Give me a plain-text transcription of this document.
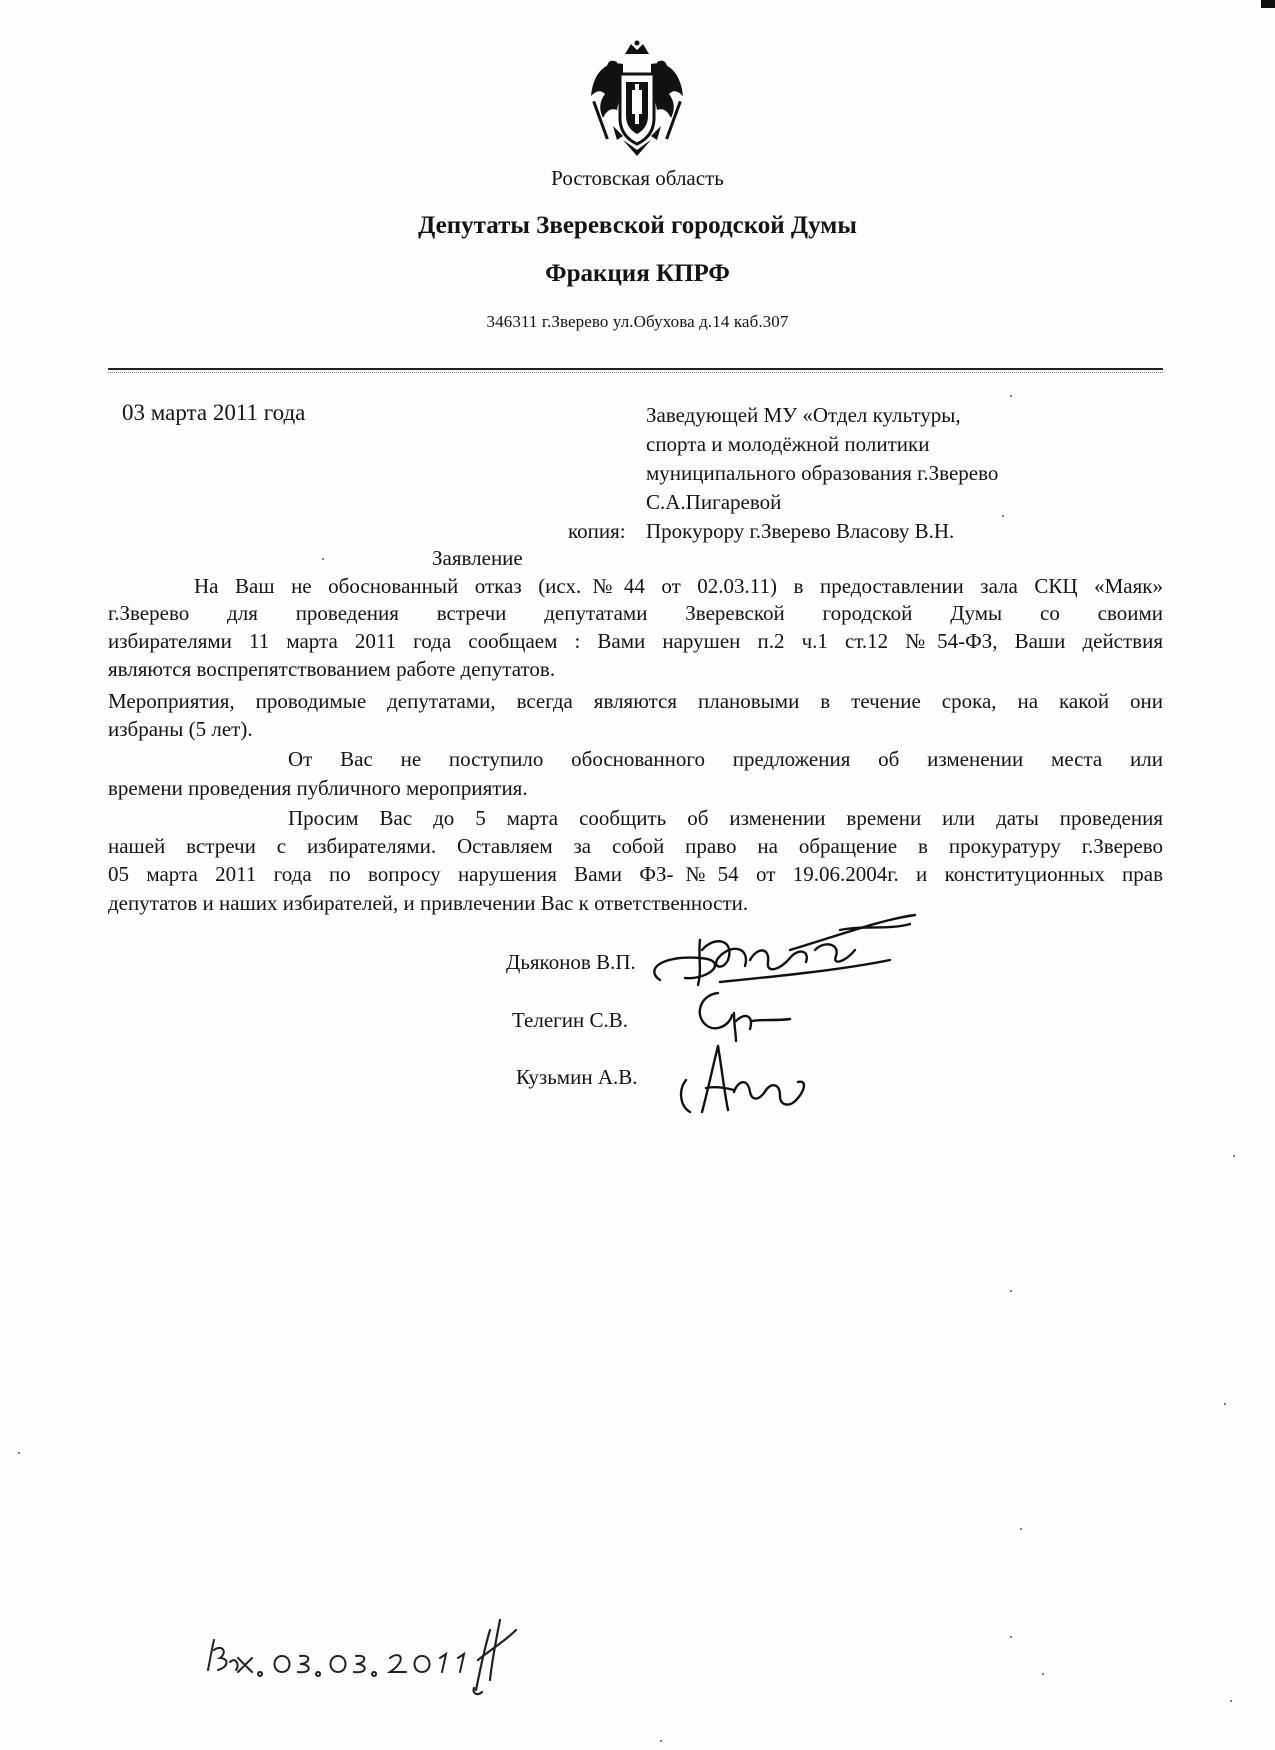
Ростовская область
Депутаты Зверевской городской Думы
Фракция КПРФ
346311 г.Зверево ул.Обухова д.14 каб.307
03 марта 2011 года	Заведующей МУ «Отдел культуры,
спорта и молодёжной политики
муниципального образования г.Зверево
С.А.Пигаревой
копия: Прокурору г.Зверево Власову В.Н.
Заявление
На Ваш не обоснованный отказ (исх.№44 от 02.03.11) в предоставлении зала СКЦ «Маяк»
г.Зверево для проведения встречи депутатами Зверевской городской Думы со своими
избирателями 11 марта 2011 года сообщаем : Вами нарушен п.2 ч.1 ст.12 №54-ФЗ, Ваши действия
являются воспрепятствованием работе депутатов.
Мероприятия, проводимые депутатами, всегда являются плановыми в течение срока, на какой они
избраны (5 лет).
От Вас не поступило обоснованного предложения об изменении места или
времени проведения публичного мероприятия.
Просим Вас до 5 марта сообщить об изменении времени или даты проведения
нашей встречи с избирателями. Оставляем за собой право на обращение в прокуратуру г.Зверево
05 марта 2011 года по вопросу нарушения Вами ФЗ-№54 от 19.06.2004г. и конституционных прав
депутатов и наших избирателей, и привлечении Вас к ответственности.
Дьяконов В.П.
Телегин С.В.
Кузьмин А.В.
